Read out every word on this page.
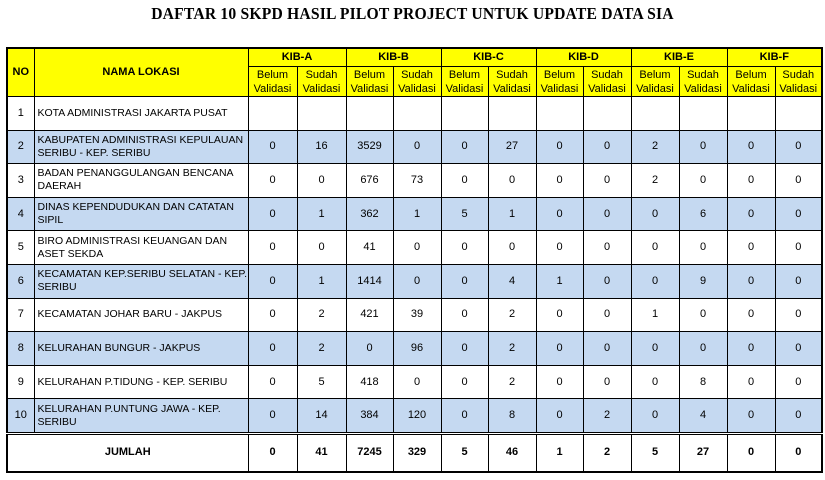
DAFTAR 10 SKPD HASIL PILOT PROJECT UNTUK UPDATE DATA SIA
NO	NAMA LOKASI	KIB-A		KIB-B		KIB-C		KIB-D		KIB-E		KIB-F	
		Belum Validasi	Sudah Validasi	Belum Validasi	Sudah Validasi	Belum Validasi	Sudah Validasi	Belum Validasi	Sudah Validasi	Belum Validasi	Sudah Validasi	Belum Validasi	Sudah Validasi
1	KOTA ADMINISTRASI JAKARTA PUSAT												
2	KABUPATEN ADMINISTRASI KEPULAUAN SERIBU - KEP. SERIBU	0	16	3529	0	0	27	0	0	2	0	0	0
3	BADAN PENANGGULANGAN BENCANA DAERAH	0	0	676	73	0	0	0	0	2	0	0	0
4	DINAS KEPENDUDUKAN DAN CATATAN SIPIL	0	1	362	1	5	1	0	0	0	6	0	0
5	BIRO ADMINISTRASI KEUANGAN DAN ASET SEKDA	0	0	41	0	0	0	0	0	0	0	0	0
6	KECAMATAN KEP.SERIBU SELATAN - KEP. SERIBU	0	1	1414	0	0	4	1	0	0	9	0	0
7	KECAMATAN JOHAR BARU - JAKPUS	0	2	421	39	0	2	0	0	1	0	0	0
8	KELURAHAN BUNGUR - JAKPUS	0	2	0	96	0	2	0	0	0	0	0	0
9	KELURAHAN P.TIDUNG - KEP. SERIBU	0	5	418	0	0	2	0	0	0	8	0	0
10	KELURAHAN P.UNTUNG JAWA - KEP. SERIBU	0	14	384	120	0	8	0	2	0	4	0	0
JUMLAH		0	41	7245	329	5	46	1	2	5	27	0	0
